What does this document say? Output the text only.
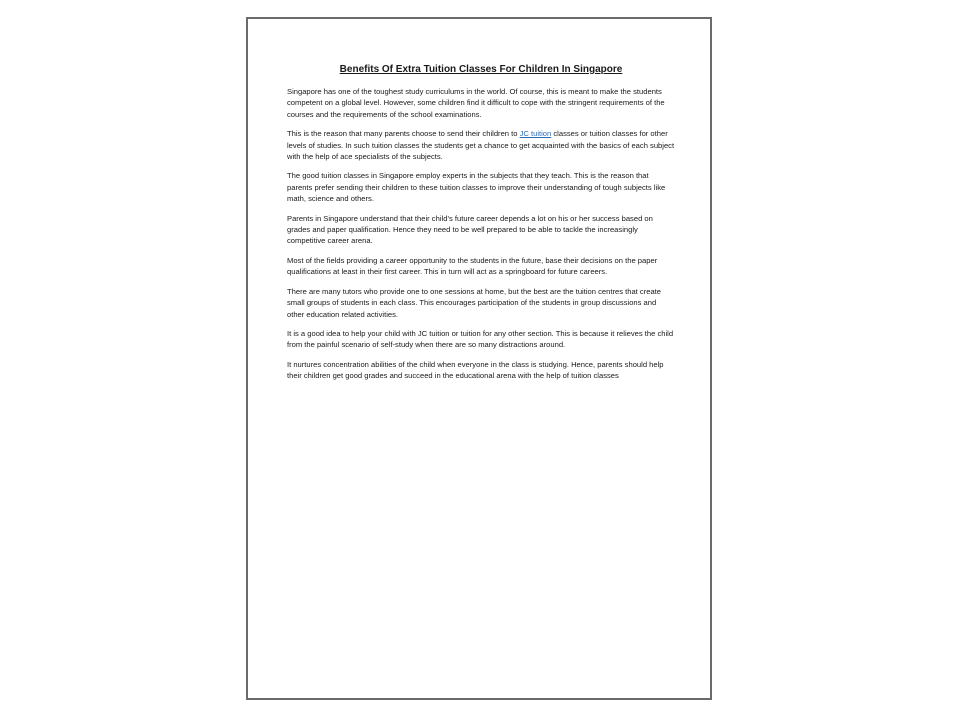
Benefits Of Extra Tuition Classes For Children In Singapore

Singapore has one of the toughest study curriculums in the world. Of course, this is meant to make the students competent on a global level. However, some children find it difficult to cope with the stringent requirements of the courses and the requirements of the school examinations.

This is the reason that many parents choose to send their children to JC tuition classes or tuition classes for other levels of studies. In such tuition classes the students get a chance to get acquainted with the basics of each subject with the help of ace specialists of the subjects.

The good tuition classes in Singapore employ experts in the subjects that they teach. This is the reason that parents prefer sending their children to these tuition classes to improve their understanding of tough subjects like math, science and others.

Parents in Singapore understand that their child’s future career depends a lot on his or her success based on grades and paper qualification. Hence they need to be well prepared to be able to tackle the increasingly competitive career arena.

Most of the fields providing a career opportunity to the students in the future, base their decisions on the paper qualifications at least in their first career. This in turn will act as a springboard for future careers.

There are many tutors who provide one to one sessions at home, but the best are the tuition centres that create small groups of students in each class. This encourages participation of the students in group discussions and other education related activities.

It is a good idea to help your child with JC tuition or tuition for any other section. This is because it relieves the child from the painful scenario of self-study when there are so many distractions around.

It nurtures concentration abilities of the child when everyone in the class is studying. Hence, parents should help their children get good grades and succeed in the educational arena with the help of tuition classes
